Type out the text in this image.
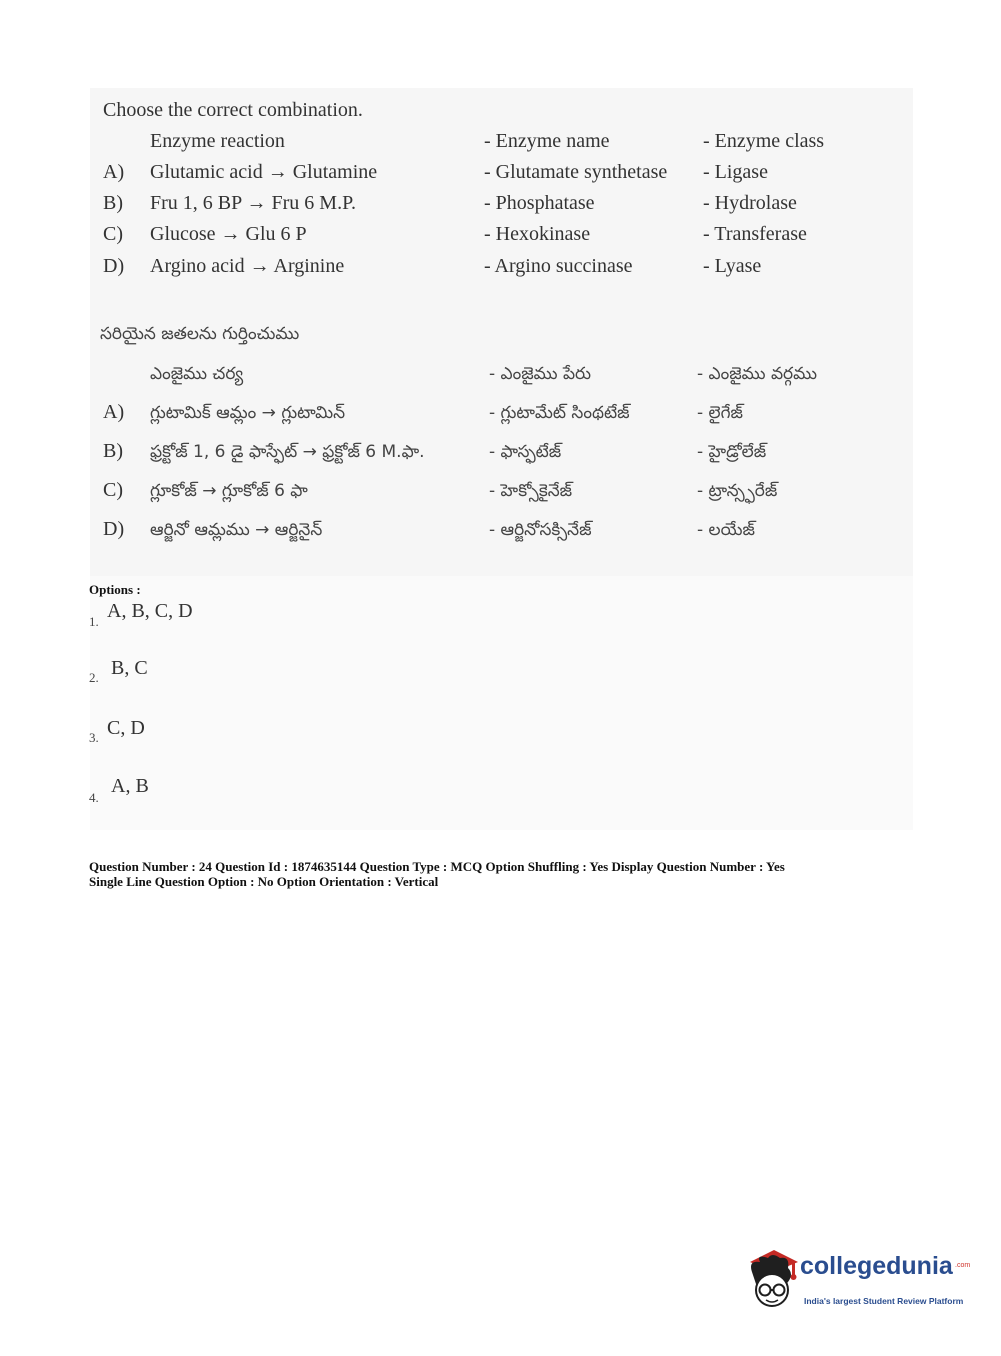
Choose the correct combination.
Enzyme reaction	- Enzyme name	- Enzyme class
A) Glutamic acid → Glutamine	- Glutamate synthetase - Ligase
B) Fru 1, 6 BP → Fru 6 M.P.	- Phosphatase	- Hydrolase
C) Glucose → Glu 6 P	- Hexokinase	- Transferase
D) Argino acid → Arginine	- Argino succinase	- Lyase
సరియైన జతలను గుర్తించుము
ఎంజైము చర్య	- ఎంజైము పేరు	- ఎంజైము వర్గము
A) గ్లుటామిక్ ఆమ్లం → గ్లుటామిన్	- గ్లుటామేట్ సింథటేజ్	- లైగేజ్
B) ఫ్రక్టోజ్ 1, 6 డై ఫాస్ఫేట్ → ఫ్రక్టోజ్ 6 M.ఫా.	- ఫాస్ఫటేజ్	- హైడ్రోలేజ్
C) గ్లూకోజ్ → గ్లూకోజ్ 6 ఫా	- హెక్సోకైనేజ్	- ట్రాన్స్ఫరేజ్
D) ఆర్జినో ఆమ్లము → ఆర్జినైన్	- ఆర్జినోసక్సినేజ్	- లయేజ్
Options :
1. A, B, C, D
2. B, C
3. C, D
4.
A, B
Question Number : 24 Question Id : 1874635144 Question Type : MCQ Option Shuffling : Yes Display Question Number : Yes
Single Line Question Option : No Option Orientation : Vertical
collegedunia .com
India's largest Student Review Platform
